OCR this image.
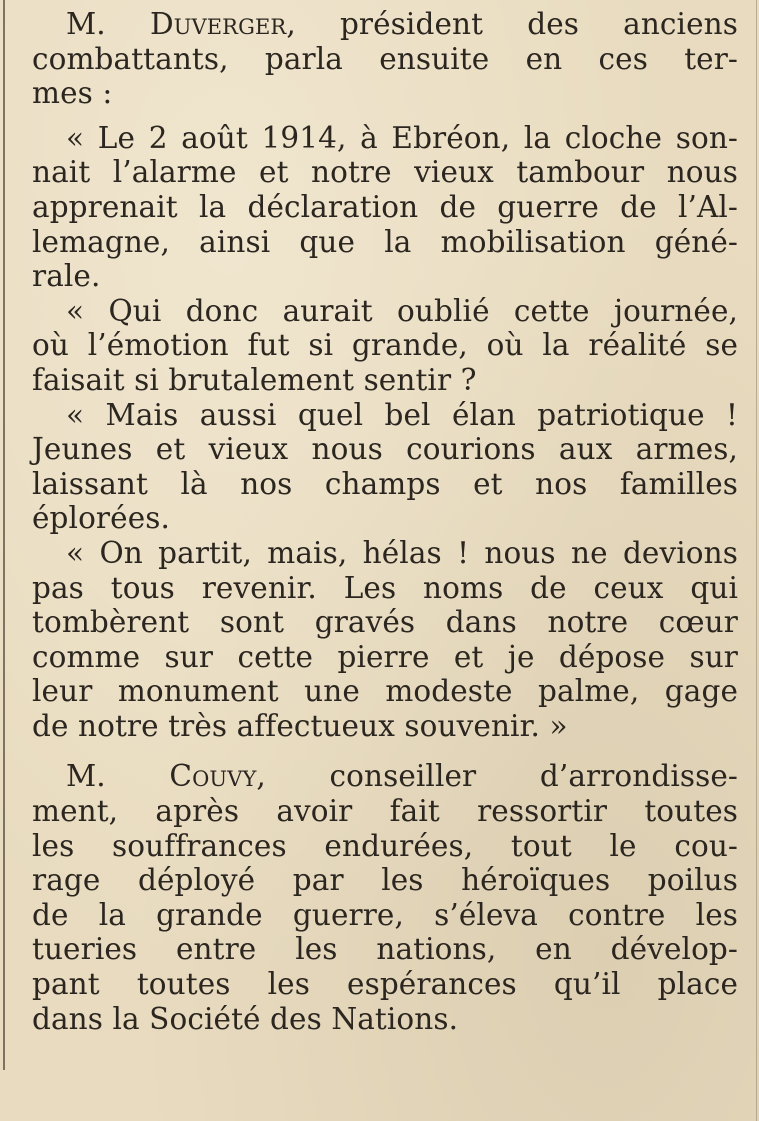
M. Duverger, président des anciens
combattants, parla ensuite en ces ter-
mes :
« Le 2 août 1914, à Ebréon, la cloche son-
nait l’alarme et notre vieux tambour nous
apprenait la déclaration de guerre de l’Al-
lemagne, ainsi que la mobilisation géné-
rale.
« Qui donc aurait oublié cette journée,
où l’émotion fut si grande, où la réalité se
faisait si brutalement sentir ?
« Mais aussi quel bel élan patriotique !
Jeunes et vieux nous courions aux armes,
laissant là nos champs et nos familles
éplorées.
« On partit, mais, hélas ! nous ne devions
pas tous revenir. Les noms de ceux qui
tombèrent sont gravés dans notre cœur
comme sur cette pierre et je dépose sur
leur monument une modeste palme, gage
de notre très affectueux souvenir. »
M. Couvy, conseiller d’arrondisse-
ment, après avoir fait ressortir toutes
les souffrances endurées, tout le cou-
rage déployé par les héroïques poilus
de la grande guerre, s’éleva contre les
tueries entre les nations, en dévelop-
pant toutes les espérances qu’il place
dans la Société des Nations.
